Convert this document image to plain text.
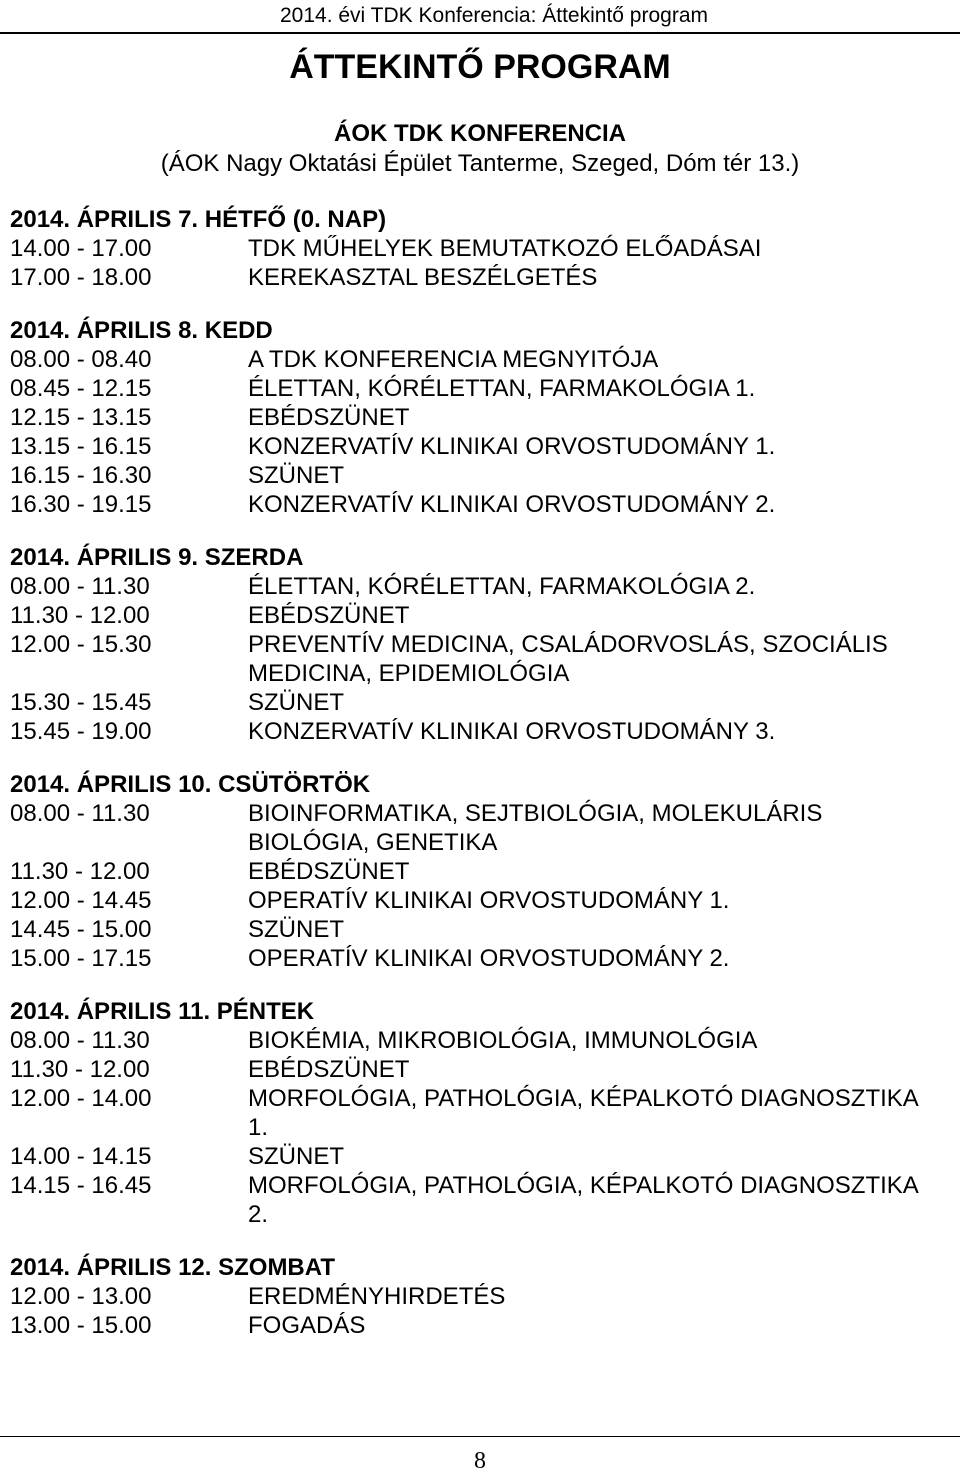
2014. évi TDK Konferencia: Áttekintő program
ÁTTEKINTŐ PROGRAM
ÁOK TDK KONFERENCIA
(ÁOK Nagy Oktatási Épület Tanterme, Szeged, Dóm tér 13.)
2014. ÁPRILIS 7. HÉTFŐ (0. NAP)
14.00 - 17.00	TDK MŰHELYEK BEMUTATKOZÓ ELŐADÁSAI
17.00 - 18.00	KEREKASZTAL BESZÉLGETÉS
2014. ÁPRILIS 8. KEDD
08.00 - 08.40	A TDK KONFERENCIA MEGNYITÓJA
08.45 - 12.15	ÉLETTAN, KÓRÉLETTAN, FARMAKOLÓGIA 1.
12.15 - 13.15	EBÉDSZÜNET
13.15 - 16.15	KONZERVATÍV KLINIKAI ORVOSTUDOMÁNY 1.
16.15 - 16.30	SZÜNET
16.30 - 19.15	KONZERVATÍV KLINIKAI ORVOSTUDOMÁNY 2.
2014. ÁPRILIS 9. SZERDA
08.00 - 11.30	ÉLETTAN, KÓRÉLETTAN, FARMAKOLÓGIA 2.
11.30 - 12.00	EBÉDSZÜNET
12.00 - 15.30	PREVENTÍV MEDICINA, CSALÁDORVOSLÁS, SZOCIÁLIS MEDICINA, EPIDEMIOLÓGIA
15.30 - 15.45	SZÜNET
15.45 - 19.00	KONZERVATÍV KLINIKAI ORVOSTUDOMÁNY 3.
2014. ÁPRILIS 10. CSÜTÖRTÖK
08.00 - 11.30	BIOINFORMATIKA, SEJTBIOLÓGIA, MOLEKULÁRIS BIOLÓGIA, GENETIKA
11.30 - 12.00	EBÉDSZÜNET
12.00 - 14.45	OPERATÍV KLINIKAI ORVOSTUDOMÁNY 1.
14.45 - 15.00	SZÜNET
15.00 - 17.15	OPERATÍV KLINIKAI ORVOSTUDOMÁNY 2.
2014. ÁPRILIS 11. PÉNTEK
08.00 - 11.30	BIOKÉMIA, MIKROBIOLÓGIA, IMMUNOLÓGIA
11.30 - 12.00	EBÉDSZÜNET
12.00 - 14.00	MORFOLÓGIA, PATHOLÓGIA, KÉPALKOTÓ DIAGNOSZTIKA 1.
14.00 - 14.15	SZÜNET
14.15 - 16.45	MORFOLÓGIA, PATHOLÓGIA, KÉPALKOTÓ DIAGNOSZTIKA 2.
2014. ÁPRILIS 12. SZOMBAT
12.00 - 13.00	EREDMÉNYHIRDETÉS
13.00 - 15.00	FOGADÁS
8
